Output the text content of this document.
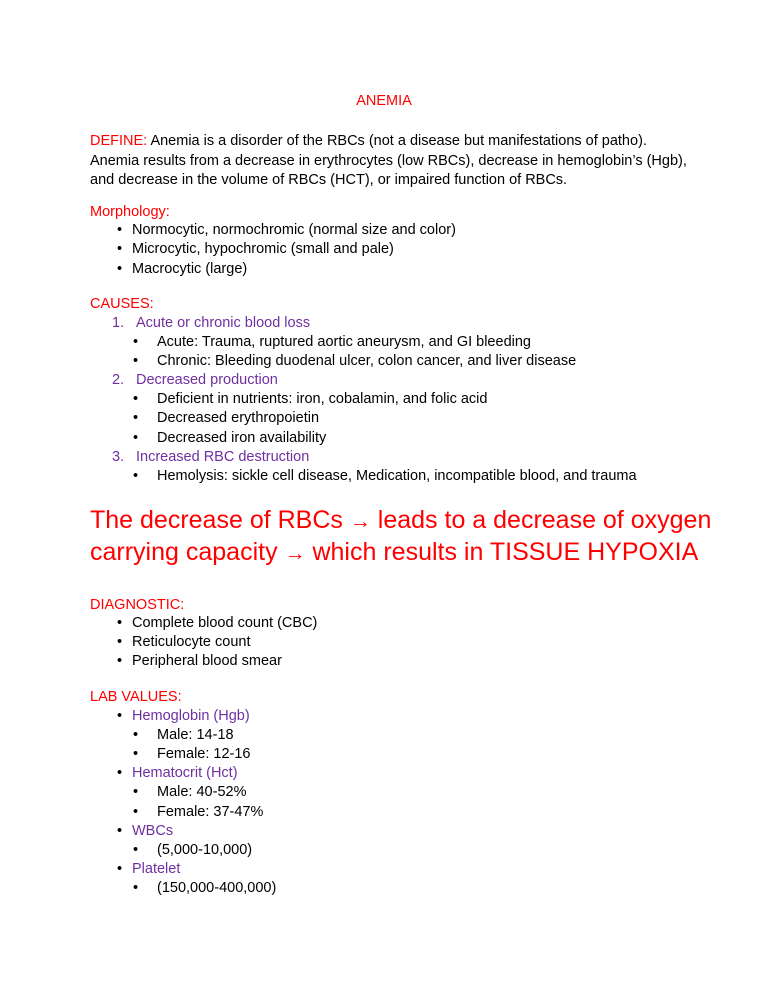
ANEMIA
DEFINE: Anemia is a disorder of the RBCs (not a disease but manifestations of patho). Anemia results from a decrease in erythrocytes (low RBCs), decrease in hemoglobin’s (Hgb), and decrease in the volume of RBCs (HCT), or impaired function of RBCs.
Morphology:
• Normocytic, normochromic (normal size and color)
• Microcytic, hypochromic (small and pale)
• Macrocytic (large)
CAUSES:
1. Acute or chronic blood loss
• Acute: Trauma, ruptured aortic aneurysm, and GI bleeding
• Chronic: Bleeding duodenal ulcer, colon cancer, and liver disease
2. Decreased production
• Deficient in nutrients: iron, cobalamin, and folic acid
• Decreased erythropoietin
• Decreased iron availability
3. Increased RBC destruction
• Hemolysis: sickle cell disease, Medication, incompatible blood, and trauma
The decrease of RBCs → leads to a decrease of oxygen
carrying capacity → which results in TISSUE HYPOXIA
DIAGNOSTIC:
• Complete blood count (CBC)
• Reticulocyte count
• Peripheral blood smear
LAB VALUES:
• Hemoglobin (Hgb)
• Male: 14-18
• Female: 12-16
• Hematocrit (Hct)
• Male: 40-52%
• Female: 37-47%
• WBCs
• (5,000-10,000)
• Platelet
• (150,000-400,000)
